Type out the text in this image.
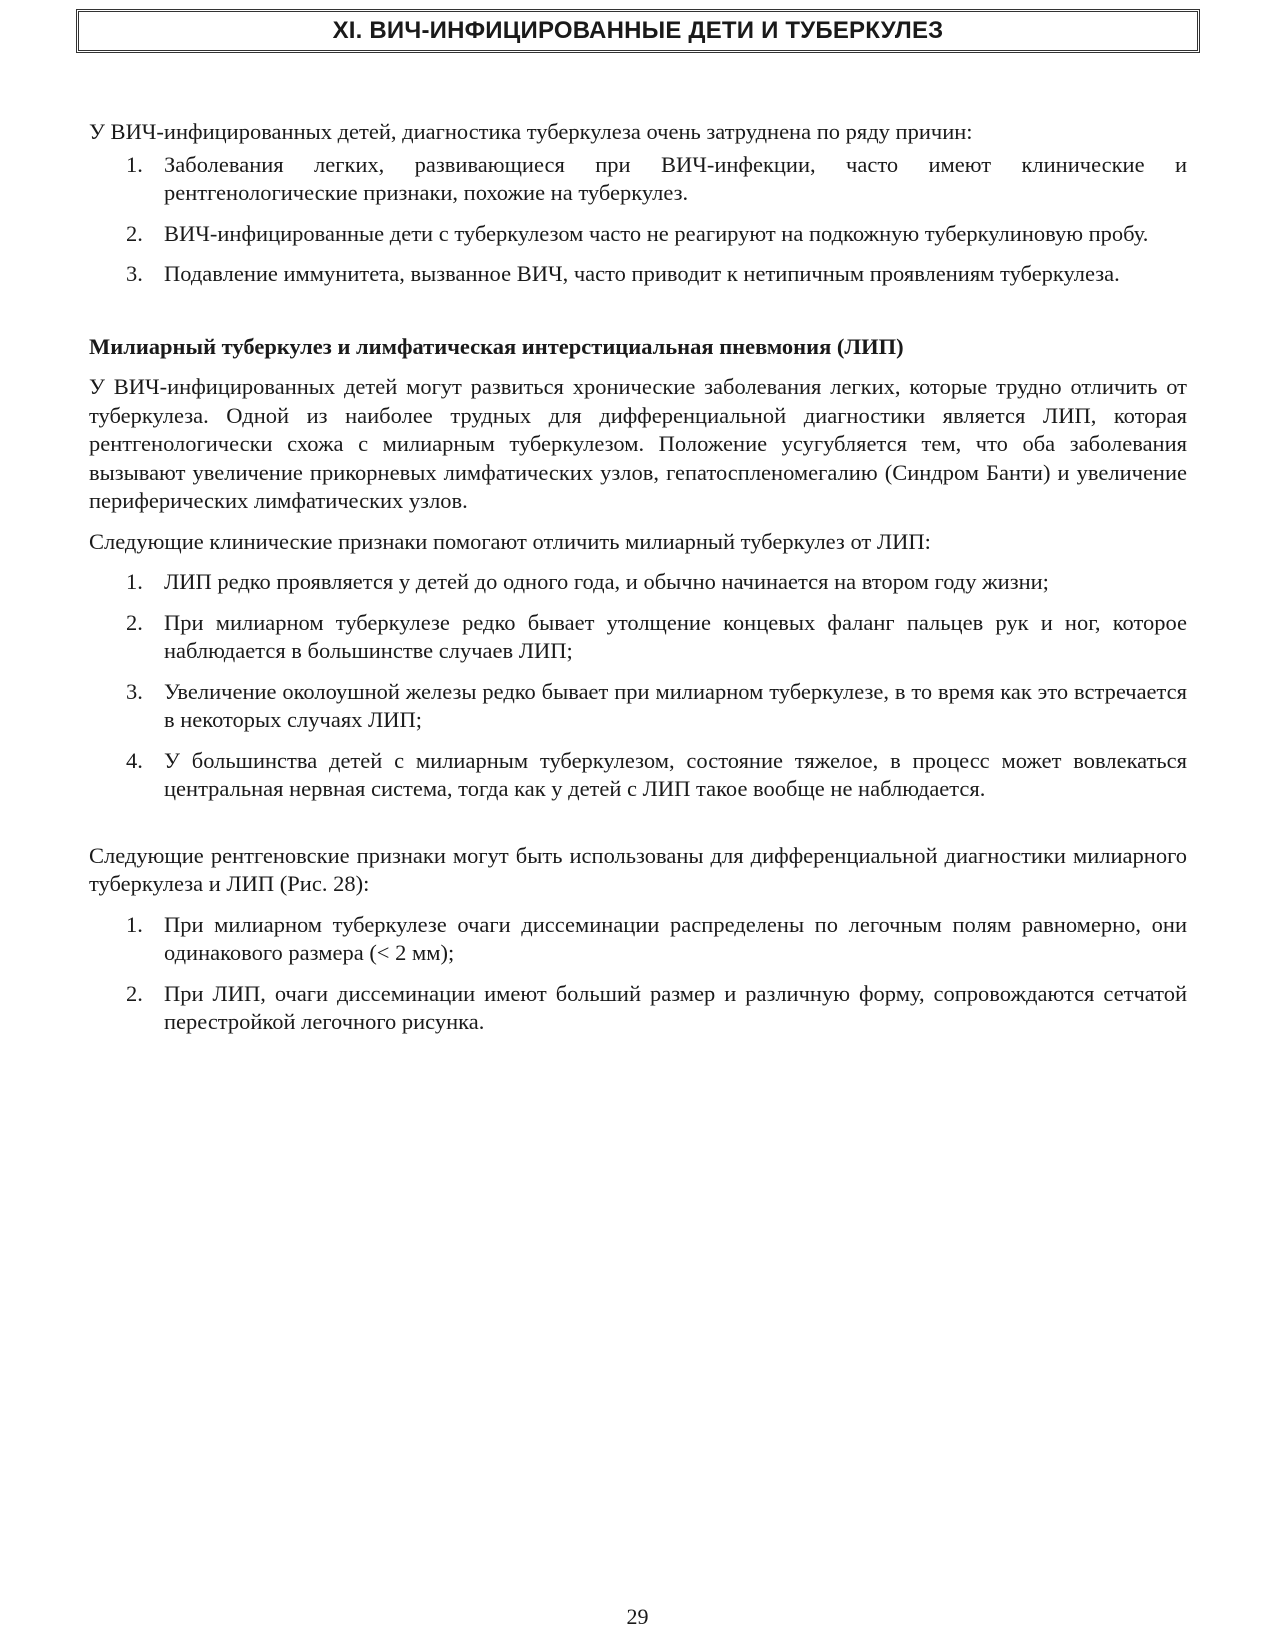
XI. ВИЧ-ИНФИЦИРОВАННЫЕ ДЕТИ И ТУБЕРКУЛЕЗ

У ВИЧ-инфицированных детей, диагностика туберкулеза очень затруднена по ряду причин:

1. Заболевания легких, развивающиеся при ВИЧ-инфекции, часто имеют клинические и рентгенологические признаки, похожие на туберкулез.
2. ВИЧ-инфицированные дети с туберкулезом часто не реагируют на подкожную туберкулиновую пробу.
3. Подавление иммунитета, вызванное ВИЧ, часто приводит к нетипичным проявлениям туберкулеза.

Милиарный туберкулез и лимфатическая интерстициальная пневмония (ЛИП)

У ВИЧ-инфицированных детей могут развиться хронические заболевания легких, которые трудно отличить от туберкулеза. Одной из наиболее трудных для дифференциальной диагностики является ЛИП, которая рентгенологически схожа с милиарным туберкулезом. Положение усугубляется тем, что оба заболевания вызывают увеличение прикорневых лимфатических узлов, гепатоспленомегалию (Синдром Банти) и увеличение периферических лимфатических узлов.

Следующие клинические признаки помогают отличить милиарный туберкулез от ЛИП:

1. ЛИП редко проявляется у детей до одного года, и обычно начинается на втором году жизни;
2. При милиарном туберкулезе редко бывает утолщение концевых фаланг пальцев рук и ног, которое наблюдается в большинстве случаев ЛИП;
3. Увеличение околоушной железы редко бывает при милиарном туберкулезе, в то время как это встречается в некоторых случаях ЛИП;
4. У большинства детей с милиарным туберкулезом, состояние тяжелое, в процесс может вовлекаться центральная нервная система, тогда как у детей с ЛИП такое вообще не наблюдается.

Следующие рентгеновские признаки могут быть использованы для дифференциальной диагностики милиарного туберкулеза и ЛИП (Рис. 28):

1. При милиарном туберкулезе очаги диссеминации распределены по легочным полям равномерно, они одинакового размера (< 2 мм);
2. При ЛИП, очаги диссеминации имеют больший размер и различную форму, сопровождаются сетчатой перестройкой легочного рисунка.
29
